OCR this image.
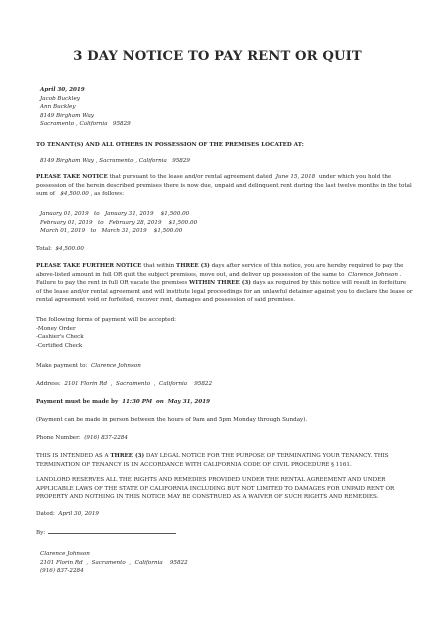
3 DAY NOTICE TO PAY RENT OR QUIT
April 30, 2019
Jacob Buckley
Ann Buckley
8149 Birgham Way
Sacramento , California 95829
TO TENANT(S) AND ALL OTHERS IN POSSESSION OF THE PREMISES LOCATED AT:
8149 Birgham Way , Sacramento , California 95829
PLEASE TAKE NOTICE that pursuant to the lease and/or rental agreement dated June 15, 2018 under which you hold the
possession of the herein described premises there is now due, unpaid and delinquent rent during the last twelve months in the total
sum of $4,500.00 , as follows:
January 01, 2019 to January 31, 2019 $1,500.00
February 01, 2019 to February 28, 2019 $1,500.00
March 01, 2019 to March 31, 2019 $1,500.00
Total: $4,500.00
PLEASE TAKE FURTHER NOTICE that within THREE (3) days after service of this notice, you are hereby required to pay the
above-listed amount in full OR quit the subject premises, move out, and deliver up possession of the same to Clarence Johnson .
Failure to pay the rent in full OR vacate the premises WITHIN THREE (3) days as required by this notice will result in forfeiture
of the lease and/or rental agreement and will institute legal proceedings for an unlawful detainer against you to declare the lease or
rental agreement void or forfeited, recover rent, damages and possession of said premises.
The following forms of payment will be accepted:
-Money Order
-Cashier's Check
-Certified Check
Make payment to: Clarence Johnson
Address: 2101 Florin Rd , Sacramento , California 95822
Payment must be made by 11:30 PM on May 31, 2019
(Payment can be made in person between the hours of 9am and 5pm Monday through Sunday).
Phone Number: (916) 837-2284
THIS IS INTENDED AS A THREE (3) DAY LEGAL NOTICE FOR THE PURPOSE OF TERMINATING YOUR TENANCY. THIS
TERMINATION OF TENANCY IS IN ACCORDANCE WITH CALIFORNIA CODE OF CIVIL PROCEDURE § 1161.
LANDLORD RESERVES ALL THE RIGHTS AND REMEDIES PROVIDED UNDER THE RENTAL AGREEMENT AND UNDER
APPLICABLE LAWS OF THE STATE OF CALIFORNIA INCLUDING BUT NOT LIMITED TO DAMAGES FOR UNPAID RENT OR
PROPERTY AND NOTHING IN THIS NOTICE MAY BE CONSTRUED AS A WAIVER OF SUCH RIGHTS AND REMEDIES.
Dated: April 30, 2019
By:
Clarence Johnson
2101 Florin Rd , Sacramento , California 95822
(916) 837-2284
